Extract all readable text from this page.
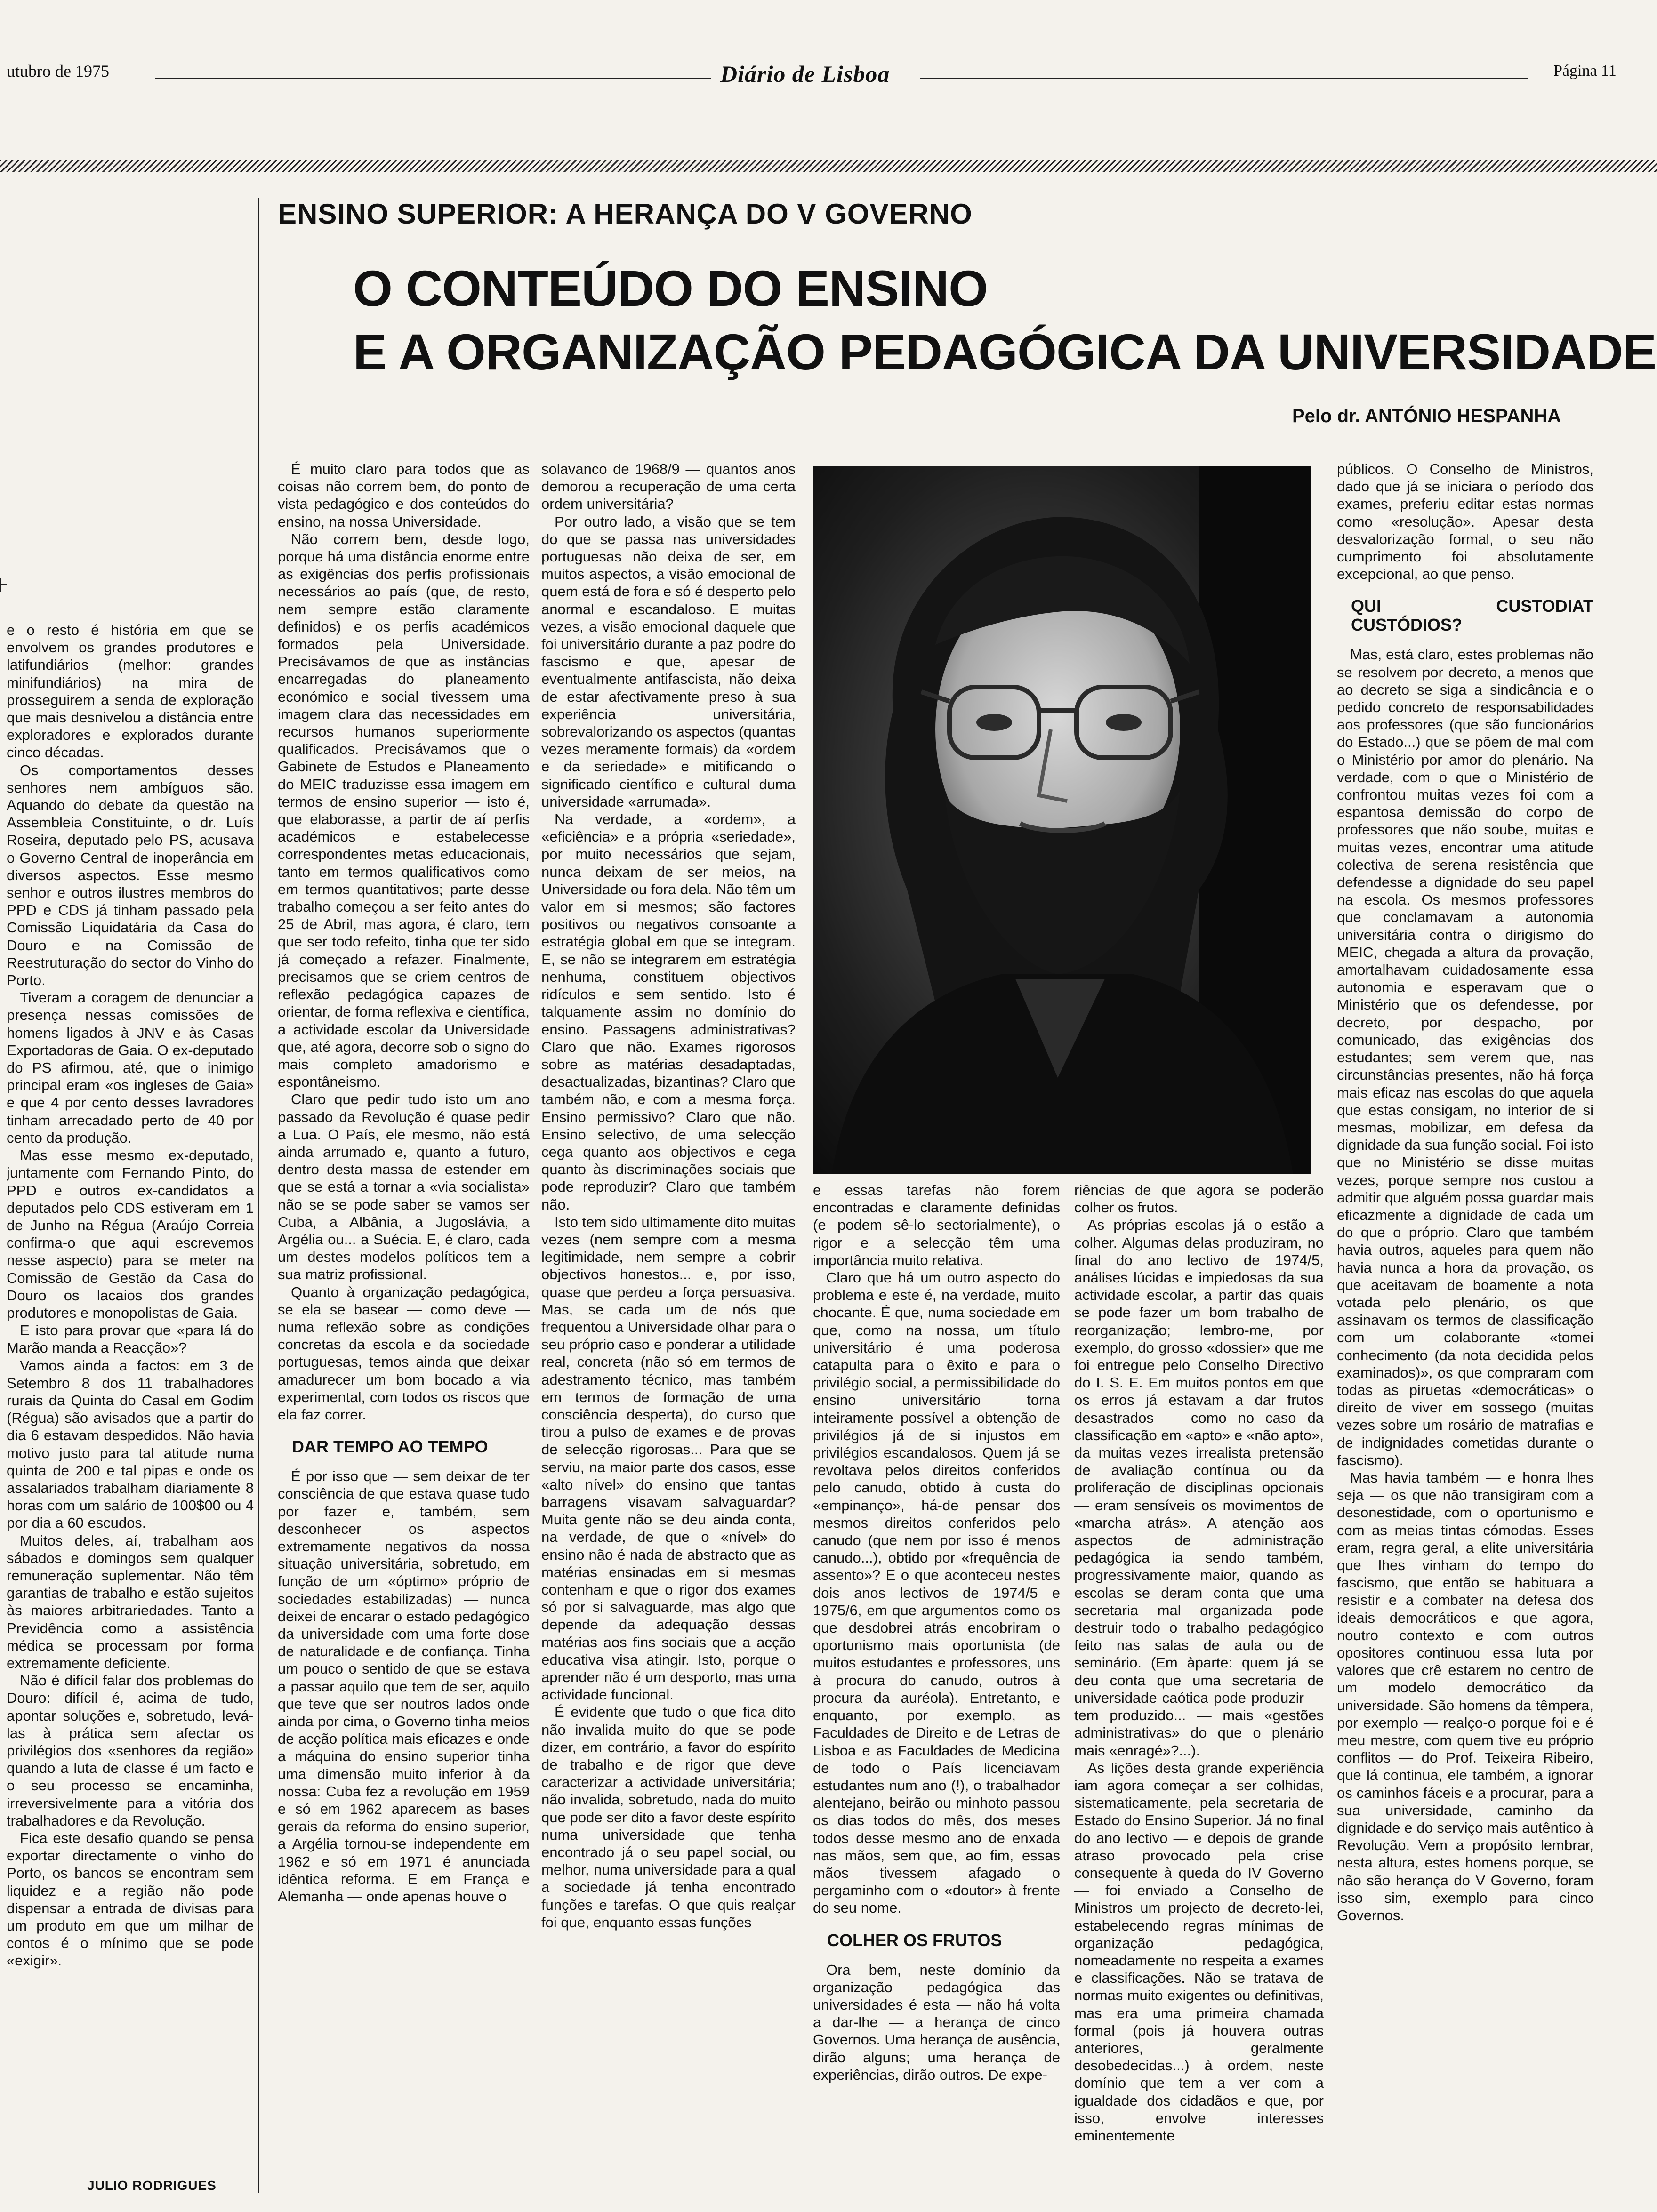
utubro de 1975	Diário de Lisboa	Página 11
ENSINO SUPERIOR: A HERANÇA DO V GOVERNO
O CONTEÚDO DO ENSINO
E A ORGANIZAÇÃO PEDAGÓGICA DA UNIVERSIDADE
Pelo dr. ANTÓNIO HESPANHA

e o resto é história em que se envolvem os grandes produtores e latifundiários (melhor: grandes minifundiários) na mira de prosseguirem a senda de exploração que mais desnivelou a distância entre exploradores e explorados durante cinco décadas.

Os comportamentos desses senhores nem ambíguos são. Aquando do debate da questão na Assembleia Constituinte, o dr. Luís Roseira, deputado pelo PS, acusava o Governo Central de inoperância em diversos aspectos. Esse mesmo senhor e outros ilustres membros do PPD e CDS já tinham passado pela Comissão Liquidatária da Casa do Douro e na Comissão de Reestruturação do sector do Vinho do Porto.

Tiveram a coragem de denunciar a presença nessas comissões de homens ligados à JNV e às Casas Exportadoras de Gaia. O ex-deputado do PS afirmou, até, que o inimigo principal eram «os ingleses de Gaia» e que 4 por cento desses lavradores tinham arrecadado perto de 40 por cento da produção.

Mas esse mesmo ex-deputado, juntamente com Fernando Pinto, do PPD e outros ex-candidatos a deputados pelo CDS estiveram em 1 de Junho na Régua (Araújo Correia confirma-o que aqui escrevemos nesse aspecto) para se meter na Comissão de Gestão da Casa do Douro os lacaios dos grandes produtores e monopolistas de Gaia.

E isto para provar que «para lá do Marão manda a Reacção»?

Vamos ainda a factos: em 3 de Setembro 8 dos 11 trabalhadores rurais da Quinta do Casal em Godim (Régua) são avisados que a partir do dia 6 estavam despedidos. Não havia motivo justo para tal atitude numa quinta de 200 e tal pipas e onde os assalariados trabalham diariamente 8 horas com um salário de 100$00 ou 4 por dia a 60 escudos.

Muitos deles, aí, trabalham aos sábados e domingos sem qualquer remuneração suplementar. Não têm garantias de trabalho e estão sujeitos às maiores arbitrariedades. Tanto a Previdência como a assistência médica se processam por forma extremamente deficiente.

Não é difícil falar dos problemas do Douro: difícil é, acima de tudo, apontar soluções e, sobretudo, levá-las à prática sem afectar os privilégios dos «senhores da região» quando a luta de classe é um facto e o seu processo se encaminha, irreversivelmente para a vitória dos trabalhadores e da Revolução.

Fica este desafio quando se pensa exportar directamente o vinho do Porto, os bancos se encontram sem liquidez e a região não pode dispensar a entrada de divisas para um produto em que um milhar de contos é o mínimo que se pode «exigir».

JULIO RODRIGUES

É muito claro para todos que as coisas não correm bem, do ponto de vista pedagógico e dos conteúdos do ensino, na nossa Universidade.

Não correm bem, desde logo, porque há uma distância enorme entre as exigências dos perfis profissionais necessários ao país (que, de resto, nem sempre estão claramente definidos) e os perfis académicos formados pela Universidade. Precisávamos de que as instâncias encarregadas do planeamento económico e social tivessem uma imagem clara das necessidades em recursos humanos superiormente qualificados. Precisávamos que o Gabinete de Estudos e Planeamento do MEIC traduzisse essa imagem em termos de ensino superior — isto é, que elaborasse, a partir de aí perfis académicos e estabelecesse correspondentes metas educacionais, tanto em termos qualificativos como em termos quantitativos; parte desse trabalho começou a ser feito antes do 25 de Abril, mas agora, é claro, tem que ser todo refeito, tinha que ter sido já começado a refazer. Finalmente, precisamos que se criem centros de reflexão pedagógica capazes de orientar, de forma reflexiva e científica, a actividade escolar da Universidade que, até agora, decorre sob o signo do mais completo amadorismo e espontâneismo.

Claro que pedir tudo isto um ano passado da Revolução é quase pedir a Lua. O País, ele mesmo, não está ainda arrumado e, quanto a futuro, dentro desta massa de estender em que se está a tornar a «via socialista» não se se pode saber se vamos ser Cuba, a Albânia, a Jugoslávia, a Argélia ou... a Suécia. E, é claro, cada um destes modelos políticos tem a sua matriz profissional.

Quanto à organização pedagógica, se ela se basear — como deve — numa reflexão sobre as condições concretas da escola e da sociedade portuguesas, temos ainda que deixar amadurecer um bom bocado a via experimental, com todos os riscos que ela faz correr.

DAR TEMPO AO TEMPO

É por isso que — sem deixar de ter consciência de que estava quase tudo por fazer e, também, sem desconhecer os aspectos extremamente negativos da nossa situação universitária, sobretudo, em função de um «óptimo» próprio de sociedades estabilizadas) — nunca deixei de encarar o estado pedagógico da universidade com uma forte dose de naturalidade e de confiança. Tinha um pouco o sentido de que se estava a passar aquilo que tem de ser, aquilo que teve que ser noutros lados onde ainda por cima, o Governo tinha meios de acção política mais eficazes e onde a máquina do ensino superior tinha uma dimensão muito inferior à da nossa: Cuba fez a revolução em 1959 e só em 1962 aparecem as bases gerais da reforma do ensino superior, a Argélia tornou-se independente em 1962 e só em 1971 é anunciada idêntica reforma. E em França e Alemanha — onde apenas houve o

solavanco de 1968/9 — quantos anos demorou a recuperação de uma certa ordem universitária?

Por outro lado, a visão que se tem do que se passa nas universidades portuguesas não deixa de ser, em muitos aspectos, a visão emocional de quem está de fora e só é desperto pelo anormal e escandaloso. E muitas vezes, a visão emocional daquele que foi universitário durante a paz podre do fascismo e que, apesar de eventualmente antifascista, não deixa de estar afectivamente preso à sua experiência universitária, sobrevalorizando os aspectos (quantas vezes meramente formais) da «ordem e da seriedade» e mitificando o significado científico e cultural duma universidade «arrumada».

Na verdade, a «ordem», a «eficiência» e a própria «seriedade», por muito necessários que sejam, nunca deixam de ser meios, na Universidade ou fora dela. Não têm um valor em si mesmos; são factores positivos ou negativos consoante a estratégia global em que se integram. E, se não se integrarem em estratégia nenhuma, constituem objectivos ridículos e sem sentido. Isto é talquamente assim no domínio do ensino. Passagens administrativas? Claro que não. Exames rigorosos sobre as matérias desadaptadas, desactualizadas, bizantinas? Claro que também não, e com a mesma força. Ensino permissivo? Claro que não. Ensino selectivo, de uma selecção cega quanto aos objectivos e cega quanto às discriminações sociais que pode reproduzir? Claro que também não.

Isto tem sido ultimamente dito muitas vezes (nem sempre com a mesma legitimidade, nem sempre a cobrir objectivos honestos... e, por isso, quase que perdeu a força persuasiva. Mas, se cada um de nós que frequentou a Universidade olhar para o seu próprio caso e ponderar a utilidade real, concreta (não só em termos de adestramento técnico, mas também em termos de formação de uma consciência desperta), do curso que tirou a pulso de exames e de provas de selecção rigorosas... Para que se serviu, na maior parte dos casos, esse «alto nível» do ensino que tantas barragens visavam salvaguardar? Muita gente não se deu ainda conta, na verdade, de que o «nível» do ensino não é nada de abstracto que as matérias ensinadas em si mesmas contenham e que o rigor dos exames só por si salvaguarde, mas algo que depende da adequação dessas matérias aos fins sociais que a acção educativa visa atingir. Isto, porque o aprender não é um desporto, mas uma actividade funcional.

É evidente que tudo o que fica dito não invalida muito do que se pode dizer, em contrário, a favor do espírito de trabalho e de rigor que deve caracterizar a actividade universitária; não invalida, sobretudo, nada do muito que pode ser dito a favor deste espírito numa universidade que tenha encontrado já o seu papel social, ou melhor, numa universidade para a qual a sociedade já tenha encontrado funções e tarefas. O que quis realçar foi que, enquanto essas funções

e essas tarefas não forem encontradas e claramente definidas (e podem sê-lo sectorialmente), o rigor e a selecção têm uma importância muito relativa.

Claro que há um outro aspecto do problema e este é, na verdade, muito chocante. É que, numa sociedade em que, como na nossa, um título universitário é uma poderosa catapulta para o êxito e para o privilégio social, a permissibilidade do ensino universitário torna inteiramente possível a obtenção de privilégios já de si injustos em privilégios escandalosos. Quem já se revoltava pelos direitos conferidos pelo canudo, obtido à custa do «empinanço», há-de pensar dos mesmos direitos conferidos pelo canudo (que nem por isso é menos canudo...), obtido por «frequência de assento»? E o que aconteceu nestes dois anos lectivos de 1974/5 e 1975/6, em que argumentos como os que desdobrei atrás encobriram o oportunismo mais oportunista (de muitos estudantes e professores, uns à procura do canudo, outros à procura da auréola). Entretanto, e enquanto, por exemplo, as Faculdades de Direito e de Letras de Lisboa e as Faculdades de Medicina de todo o País licenciavam estudantes num ano (!), o trabalhador alentejano, beirão ou minhoto passou os dias todos do mês, dos meses todos desse mesmo ano de enxada nas mãos, sem que, ao fim, essas mãos tivessem afagado o pergaminho com o «doutor» à frente do seu nome.

COLHER OS FRUTOS

Ora bem, neste domínio da organização pedagógica das universidades é esta — não há volta a dar-lhe — a herança de cinco Governos. Uma herança de ausência, dirão alguns; uma herança de experiências, dirão outros. De expe-

riências de que agora se poderão colher os frutos.

As próprias escolas já o estão a colher. Algumas delas produziram, no final do ano lectivo de 1974/5, análises lúcidas e impiedosas da sua actividade escolar, a partir das quais se pode fazer um bom trabalho de reorganização; lembro-me, por exemplo, do grosso «dossier» que me foi entregue pelo Conselho Directivo do I. S. E. Em muitos pontos em que os erros já estavam a dar frutos desastrados — como no caso da classificação em «apto» e «não apto», da muitas vezes irrealista pretensão de avaliação contínua ou da proliferação de disciplinas opcionais — eram sensíveis os movimentos de «marcha atrás». A atenção aos aspectos de administração pedagógica ia sendo também, progressivamente maior, quando as escolas se deram conta que uma secretaria mal organizada pode destruir todo o trabalho pedagógico feito nas salas de aula ou de seminário. (Em àparte: quem já se deu conta que uma secretaria de universidade caótica pode produzir — tem produzido... — mais «gestões administrativas» do que o plenário mais «enragé»?...).

As lições desta grande experiência iam agora começar a ser colhidas, sistematicamente, pela secretaria de Estado do Ensino Superior. Já no final do ano lectivo — e depois de grande atraso provocado pela crise consequente à queda do IV Governo — foi enviado a Conselho de Ministros um projecto de decreto-lei, estabelecendo regras mínimas de organização pedagógica, nomeadamente no respeita a exames e classificações. Não se tratava de normas muito exigentes ou definitivas, mas era uma primeira chamada formal (pois já houvera outras anteriores, geralmente desobedecidas...) à ordem, neste domínio que tem a ver com a igualdade dos cidadãos e que, por isso, envolve interesses eminentemente

públicos. O Conselho de Ministros, dado que já se iniciara o período dos exames, preferiu editar estas normas como «resolução». Apesar desta desvalorização formal, o seu não cumprimento foi absolutamente excepcional, ao que penso.

QUI CUSTODIAT CUSTÓDIOS?

Mas, está claro, estes problemas não se resolvem por decreto, a menos que ao decreto se siga a sindicância e o pedido concreto de responsabilidades aos professores (que são funcionários do Estado...) que se põem de mal com o Ministério por amor do plenário. Na verdade, com o que o Ministério de confrontou muitas vezes foi com a espantosa demissão do corpo de professores que não soube, muitas e muitas vezes, encontrar uma atitude colectiva de serena resistência que defendesse a dignidade do seu papel na escola. Os mesmos professores que conclamavam a autonomia universitária contra o dirigismo do MEIC, chegada a altura da provação, amortalhavam cuidadosamente essa autonomia e esperavam que o Ministério que os defendesse, por decreto, por despacho, por comunicado, das exigências dos estudantes; sem verem que, nas circunstâncias presentes, não há força mais eficaz nas escolas do que aquela que estas consigam, no interior de si mesmas, mobilizar, em defesa da dignidade da sua função social. Foi isto que no Ministério se disse muitas vezes, porque sempre nos custou a admitir que alguém possa guardar mais eficazmente a dignidade de cada um do que o próprio. Claro que também havia outros, aqueles para quem não havia nunca a hora da provação, os que aceitavam de boamente a nota votada pelo plenário, os que assinavam os termos de classificação com um colaborante «tomei conhecimento (da nota decidida pelos examinados)», os que compraram com todas as piruetas «democráticas» o direito de viver em sossego (muitas vezes sobre um rosário de matrafias e de indignidades cometidas durante o fascismo).

Mas havia também — e honra lhes seja — os que não transigiram com a desonestidade, com o oportunismo e com as meias tintas cómodas. Esses eram, regra geral, a elite universitária que lhes vinham do tempo do fascismo, que então se habituara a resistir e a combater na defesa dos ideais democráticos e que agora, noutro contexto e com outros opositores continuou essa luta por valores que crê estarem no centro de um modelo democrático da universidade. São homens da têmpera, por exemplo — realço-o porque foi e é meu mestre, com quem tive eu próprio conflitos — do Prof. Teixeira Ribeiro, que lá continua, ele também, a ignorar os caminhos fáceis e a procurar, para a sua universidade, caminho da dignidade e do serviço mais autêntico à Revolução. Vem a propósito lembrar, nesta altura, estes homens porque, se não são herança do V Governo, foram isso sim, exemplo para cinco Governos.
